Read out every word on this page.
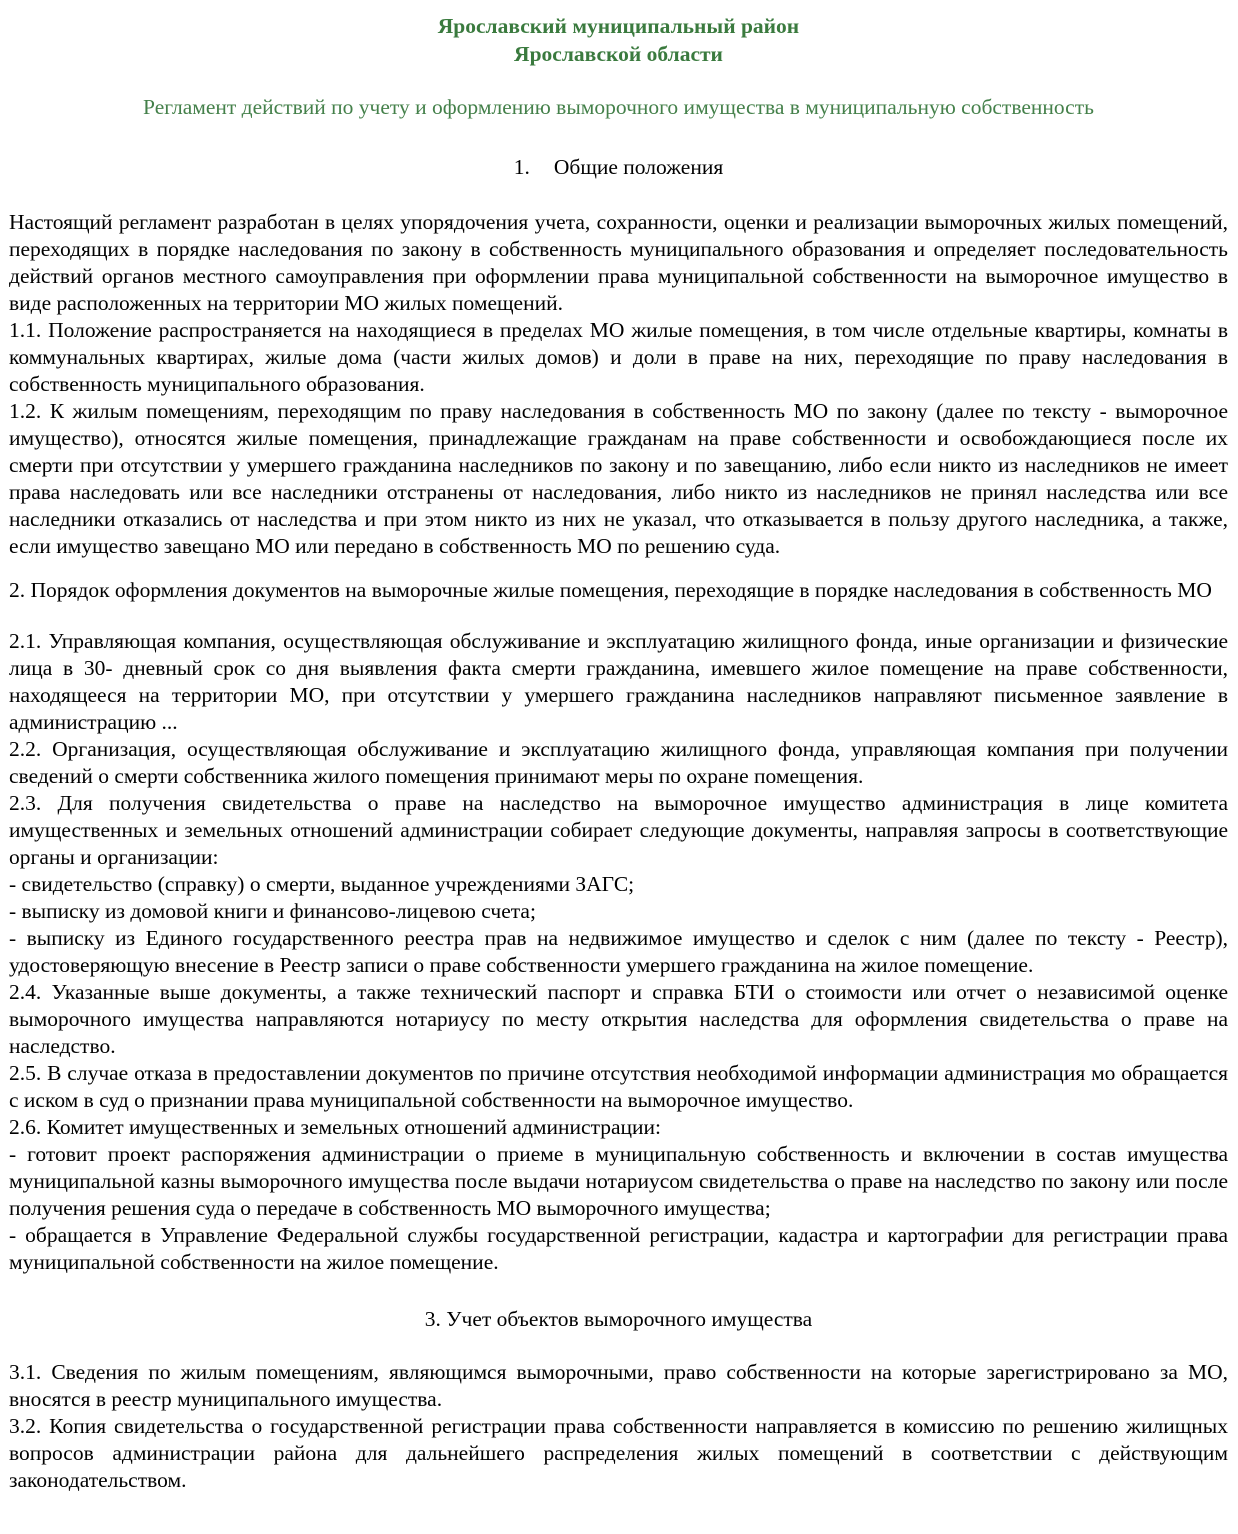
Ярославский муниципальный район
Ярославской области
Регламент действий по учету и оформлению выморочного имущества в муниципальную собственность
1. Общие положения

Настоящий регламент разработан в целях упорядочения учета, сохранности, оценки и реализации выморочных жилых помещений, переходящих в порядке наследования по закону в собственность муниципального образования и определяет последовательность действий органов местного самоуправления при оформлении права муниципальной собственности на выморочное имущество в виде расположенных на территории МО жилых помещений.

1.1. Положение распространяется на находящиеся в пределах МО жилые помещения, в том числе отдельные квартиры, комнаты в коммунальных квартирах, жилые дома (части жилых домов) и доли в праве на них, переходящие по праву наследования в собственность муниципального образования.

1.2. К жилым помещениям, переходящим по праву наследования в собственность МО по закону (далее по тексту - выморочное имущество), относятся жилые помещения, принадлежащие гражданам на праве собственности и освобождающиеся после их смерти при отсутствии у умершего гражданина наследников по закону и по завещанию, либо если никто из наследников не имеет права наследовать или все наследники отстранены от наследования, либо никто из наследников не принял наследства или все наследники отказались от наследства и при этом никто из них не указал, что отказывается в пользу другого наследника, а также, если имущество завещано МО или передано в собственность МО по решению суда.

2. Порядок оформления документов на выморочные жилые помещения, переходящие в порядке наследования в собственность МО

2.1. Управляющая компания, осуществляющая обслуживание и эксплуатацию жилищного фонда, иные организации и физические лица в 30- дневный срок со дня выявления факта смерти гражданина, имевшего жилое помещение на праве собственности, находящееся на территории МО, при отсутствии у умершего гражданина наследников направляют письменное заявление в администрацию ...

2.2. Организация, осуществляющая обслуживание и эксплуатацию жилищного фонда, управляющая компания при получении сведений о смерти собственника жилого помещения принимают меры по охране помещения.

2.3. Для получения свидетельства о праве на наследство на выморочное имущество администрация в лице комитета имущественных и земельных отношений администрации собирает следующие документы, направляя запросы в соответствующие органы и организации:

- свидетельство (справку) о смерти, выданное учреждениями ЗАГС;

- выписку из домовой книги и финансово-лицевою счета;

- выписку из Единого государственного реестра прав на недвижимое имущество и сделок с ним (далее по тексту - Реестр), удостоверяющую внесение в Реестр записи о праве собственности умершего гражданина на жилое помещение.

2.4. Указанные выше документы, а также технический паспорт и справка БТИ о стоимости или отчет о независимой оценке выморочного имущества направляются нотариусу по месту открытия наследства для оформления свидетельства о праве на наследство.

2.5. В случае отказа в предоставлении документов по причине отсутствия необходимой информации администрация мо обращается с иском в суд о признании права муниципальной собственности на выморочное имущество.

2.6. Комитет имущественных и земельных отношений администрации:

- готовит проект распоряжения администрации о приеме в муниципальную собственность и включении в состав имущества муниципальной казны выморочного имущества после выдачи нотариусом свидетельства о праве на наследство по закону или после получения решения суда о передаче в собственность МО выморочного имущества;

- обращается в Управление Федеральной службы государственной регистрации, кадастра и картографии для регистрации права муниципальной собственности на жилое помещение.

3. Учет объектов выморочного имущества

3.1. Сведения по жилым помещениям, являющимся выморочными, право собственности на которые зарегистрировано за МО, вносятся в реестр муниципального имущества.

3.2. Копия свидетельства о государственной регистрации права собственности направляется в комиссию по решению жилищных вопросов администрации района для дальнейшего распределения жилых помещений в соответствии с действующим законодательством.
